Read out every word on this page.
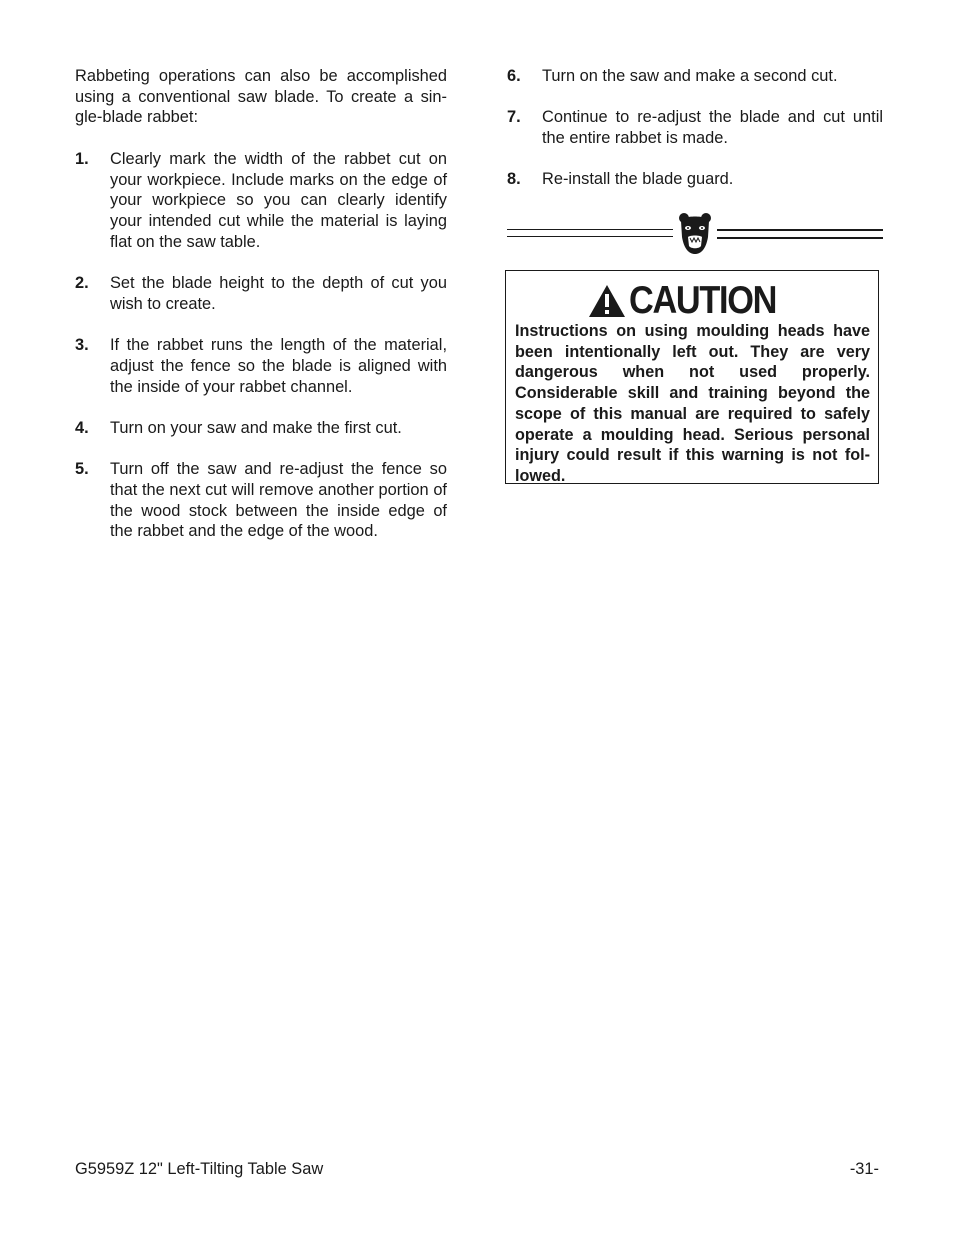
Rabbeting operations can also be accomplished using a conventional saw blade. To create a sin-gle-blade rabbet:

1.	Clearly mark the width of the rabbet cut on your workpiece. Include marks on the edge of your workpiece so you can clearly identify your intended cut while the material is laying flat on the saw table.
2.	Set the blade height to the depth of cut you wish to create.
3.	If the rabbet runs the length of the material, adjust the fence so the blade is aligned with the inside of your rabbet channel.
4.	Turn on your saw and make the first cut.
5.	Turn off the saw and re-adjust the fence so that the next cut will remove another portion of the wood stock between the inside edge of the rabbet and the edge of the wood.
6.	Turn on the saw and make a second cut.
7.	Continue to re-adjust the blade and cut until the entire rabbet is made.
8.	Re-install the blade guard.
CAUTION

Instructions on using moulding heads have been intentionally left out. They are very dangerous when not used properly. Considerable skill and training beyond the scope of this manual are required to safely operate a moulding head. Serious personal injury could result if this warning is not fol-lowed.

G5959Z 12" Left-Tilting Table Saw	-31-
